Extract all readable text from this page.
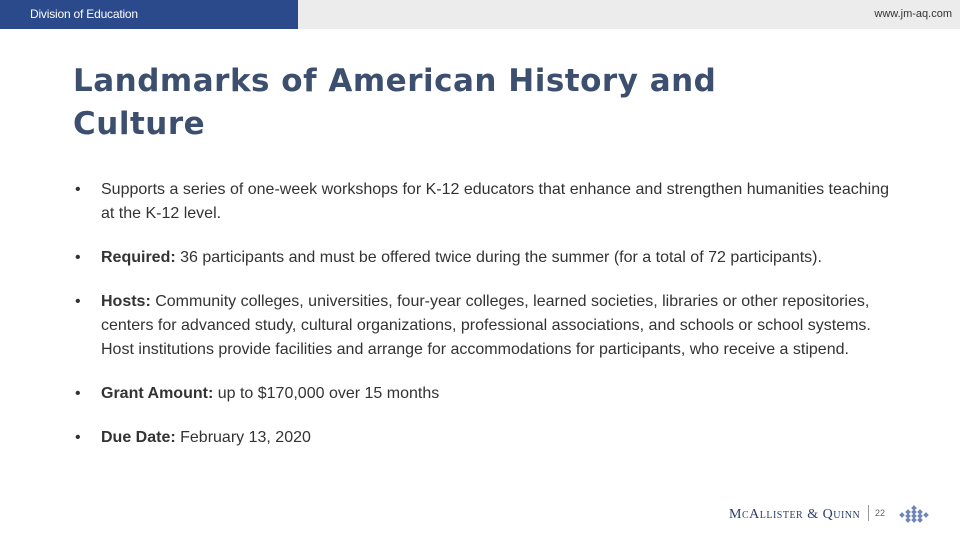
Division of Education	www.jm-aq.com
Landmarks of American History and Culture
• Supports a series of one-week workshops for K-12 educators that enhance and strengthen humanities teaching at the K-12 level.
• Required: 36 participants and must be offered twice during the summer (for a total of 72 participants).
• Hosts: Community colleges, universities, four-year colleges, learned societies, libraries or other repositories, centers for advanced study, cultural organizations, professional associations, and schools or school systems. Host institutions provide facilities and arrange for accommodations for participants, who receive a stipend.
• Grant Amount: up to $170,000 over 15 months
• Due Date: February 13, 2020
McAllister & Quinn 22
